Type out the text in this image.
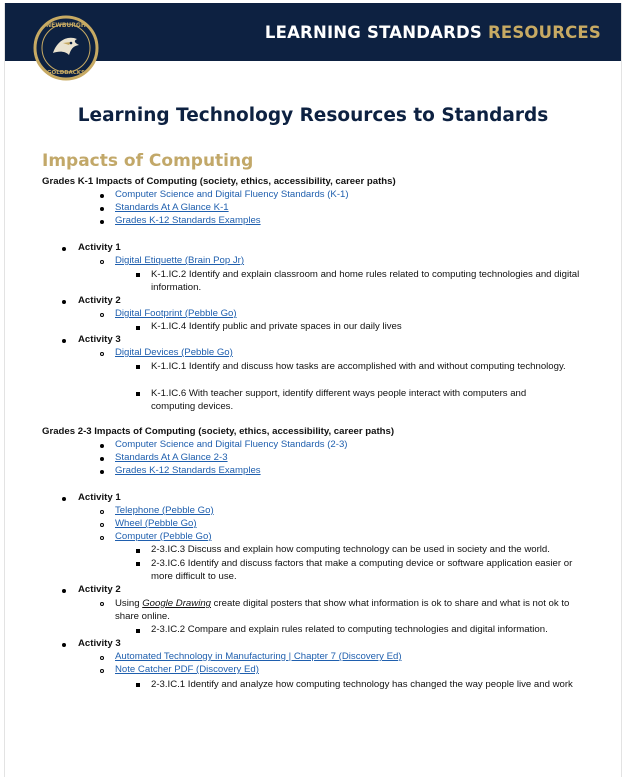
LEARNING STANDARDS RESOURCES
NEWBURGH
GOLDBACKS
Learning Technology Resources to Standards
Impacts of Computing
Grades K-1 Impacts of Computing (society, ethics, accessibility, career paths)
Computer Science and Digital Fluency Standards (K-1)
Standards At A Glance K-1
Grades K-12 Standards Examples
Activity 1
Digital Etiquette (Brain Pop Jr)
K-1.IC.2 Identify and explain classroom and home rules related to computing technologies and digital information.
Activity 2
Digital Footprint (Pebble Go)
K-1.IC.4 Identify public and private spaces in our daily lives
Activity 3
Digital Devices (Pebble Go)
K-1.IC.1 Identify and discuss how tasks are accomplished with and without computing technology.
K-1.IC.6 With teacher support, identify different ways people interact with computers and computing devices.
Grades 2-3 Impacts of Computing (society, ethics, accessibility, career paths)
Computer Science and Digital Fluency Standards (2-3)
Standards At A Glance 2-3
Grades K-12 Standards Examples
Activity 1
Telephone (Pebble Go)
Wheel (Pebble Go)
Computer (Pebble Go)
2-3.IC.3 Discuss and explain how computing technology can be used in society and the world.
2-3.IC.6 Identify and discuss factors that make a computing device or software application easier or more difficult to use.
Activity 2
Using Google Drawing create digital posters that show what information is ok to share and what is not ok to share online.
2-3.IC.2 Compare and explain rules related to computing technologies and digital information.
Activity 3
Automated Technology in Manufacturing | Chapter 7 (Discovery Ed)
Note Catcher PDF (Discovery Ed)
2-3.IC.1 Identify and analyze how computing technology has changed the way people live and work
